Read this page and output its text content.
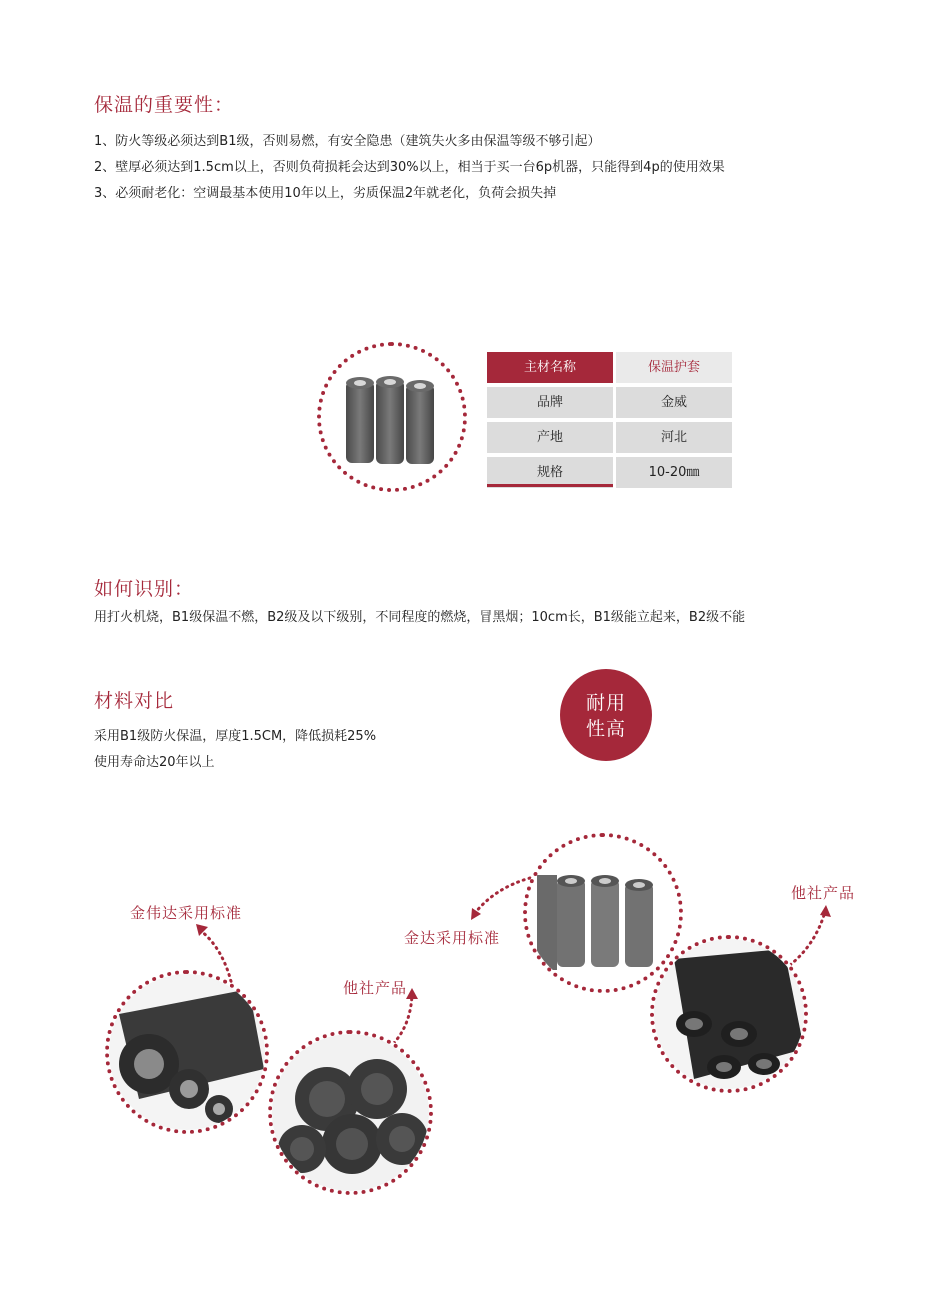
保温的重要性：
1、防火等级必须达到B1级，否则易燃，有安全隐患（建筑失火多由保温等级不够引起）
2、壁厚必须达到1.5cm以上，否则负荷损耗会达到30%以上，相当于买一台6p机器，只能得到4p的使用效果
3、必须耐老化：空调最基本使用10年以上，劣质保温2年就老化，负荷会损失掉
主材名称	保温护套
品牌	金威
产地	河北
规格	10-20㎜
如何识别：
用打火机烧，B1级保温不燃，B2级及以下级别，不同程度的燃烧，冒黑烟；10cm长，B1级能立起来，B2级不能
材料对比
采用B1级防火保温，厚度1.5CM，降低损耗25%
使用寿命达20年以上
耐用
性高
金伟达采用标准
他社产品
金达采用标准
他社产品
